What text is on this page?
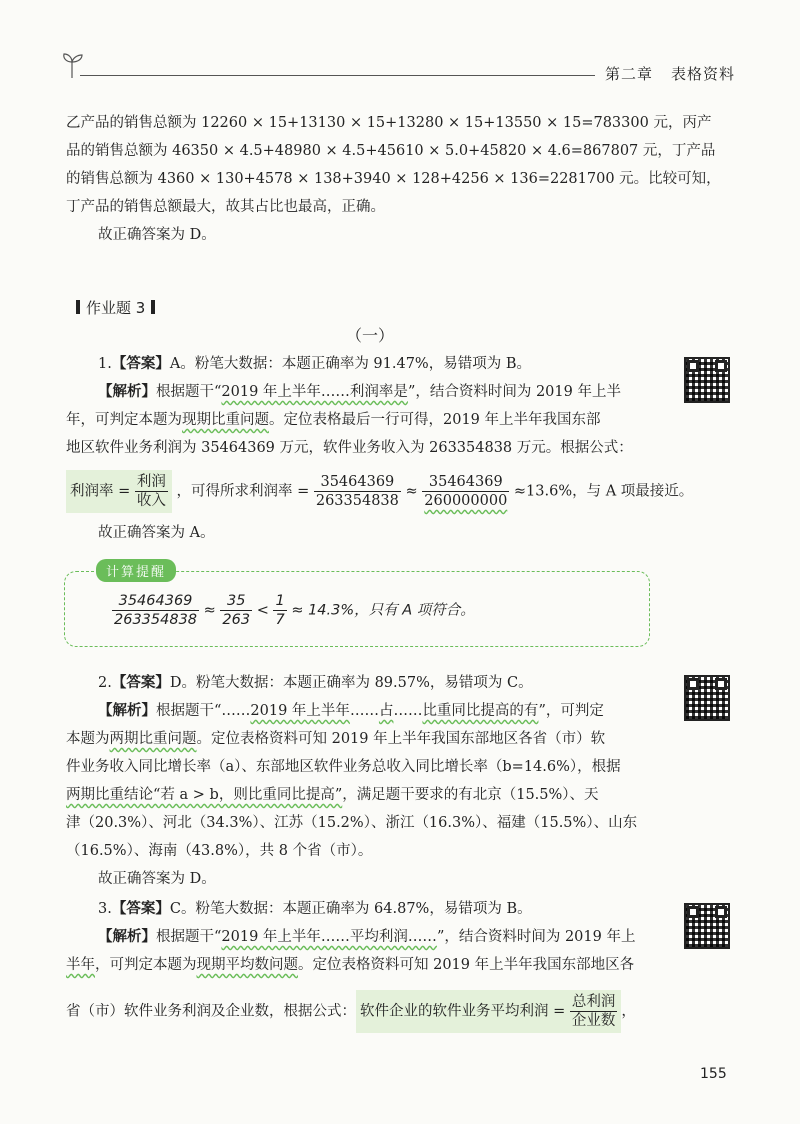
第二章 表格资料
乙产品的销售总额为 12260 × 15+13130 × 15+13280 × 15+13550 × 15=783300 元，丙产
品的销售总额为 46350 × 4.5+48980 × 4.5+45610 × 5.0+45820 × 4.6=867807 元，丁产品
的销售总额为 4360 × 130+4578 × 138+3940 × 128+4256 × 136=2281700 元。比较可知，
丁产品的销售总额最大，故其占比也最高，正确。
故正确答案为 D。
作业题 3
（一）
1.【答案】A。粉笔大数据：本题正确率为 91.47%，易错项为 B。
【解析】根据题干“2019 年上半年……利润率是”，结合资料时间为 2019 年上半
年，可判定本题为现期比重问题。定位表格最后一行可得，2019 年上半年我国东部
地区软件业务利润为 35464369 万元，软件业务收入为 263354838 万元。根据公式：
利润率 = $\frac{\text{利润}}{\text{收入}}$ ，可得所求利润率 = $\frac{35464369}{263354838} \approx \frac{35464369}{260000000} \approx 13.6\%$，与 A 项最接近。
故正确答案为 A。
计算提醒
$\frac{35464369}{263354838} \approx \frac{35}{263} < \frac{1}{7} \approx 14.3\%$，只有 A 项符合。
2.【答案】D。粉笔大数据：本题正确率为 89.57%，易错项为 C。
【解析】根据题干“……2019 年上半年……占……比重同比提高的有”，可判定
本题为两期比重问题。定位表格资料可知 2019 年上半年我国东部地区各省（市）软
件业务收入同比增长率（a）、东部地区软件业务总收入同比增长率（b=14.6%），根据
两期比重结论“若 a > b，则比重同比提高”，满足题干要求的有北京（15.5%）、天
津（20.3%）、河北（34.3%）、江苏（15.2%）、浙江（16.3%）、福建（15.5%）、山东
（16.5%）、海南（43.8%），共 8 个省（市）。
故正确答案为 D。
3.【答案】C。粉笔大数据：本题正确率为 64.87%，易错项为 B。
【解析】根据题干“2019 年上半年……平均利润……”，结合资料时间为 2019 年上
半年，可判定本题为现期平均数问题。定位表格资料可知 2019 年上半年我国东部地区各
省（市）软件业务利润及企业数，根据公式： 软件企业的软件业务平均利润 = $\frac{\text{总利润}}{\text{企业数}}$ ，
155
